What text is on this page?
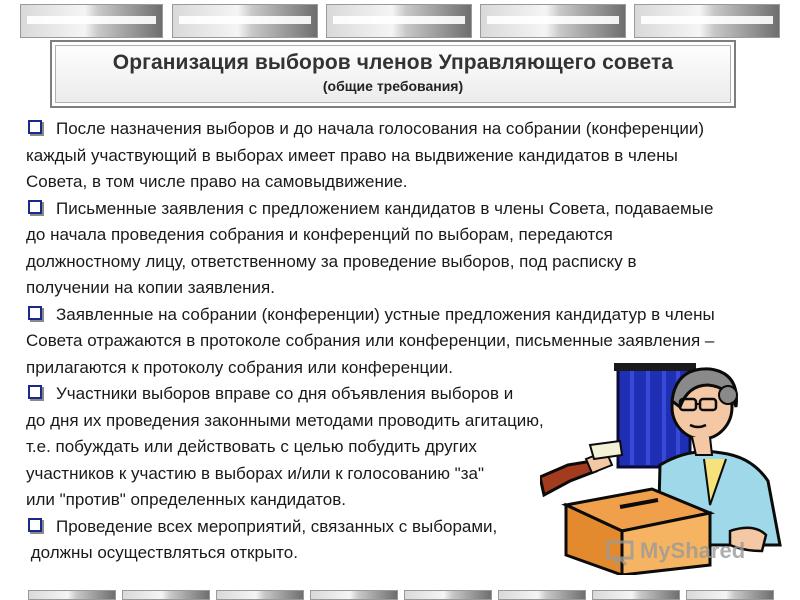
Организация выборов членов Управляющего совета
(общие требования)

После назначения выборов и до начала голосования на собрании (конференции)
каждый участвующий в выборах имеет право на выдвижение кандидатов в члены
Совета, в том числе право на самовыдвижение.

Письменные заявления с предложением кандидатов в члены Совета, подаваемые
до начала проведения собрания и конференций по выборам, передаются
должностному лицу, ответственному за проведение выборов, под расписку в
получении на копии заявления.

Заявленные на собрании (конференции) устные предложения кандидатур в члены
Совета отражаются в протоколе собрания или конференции, письменные заявления –
прилагаются к протоколу собрания или конференции.

Участники выборов вправе со дня объявления выборов и
до дня их проведения законными методами проводить агитацию,
т.е. побуждать или действовать с целью побудить других
участников к участию в выборах и/или к голосованию "за"
или "против" определенных кандидатов.

Проведение всех мероприятий, связанных с выборами,
должны осуществляться открыто.	MyShared
